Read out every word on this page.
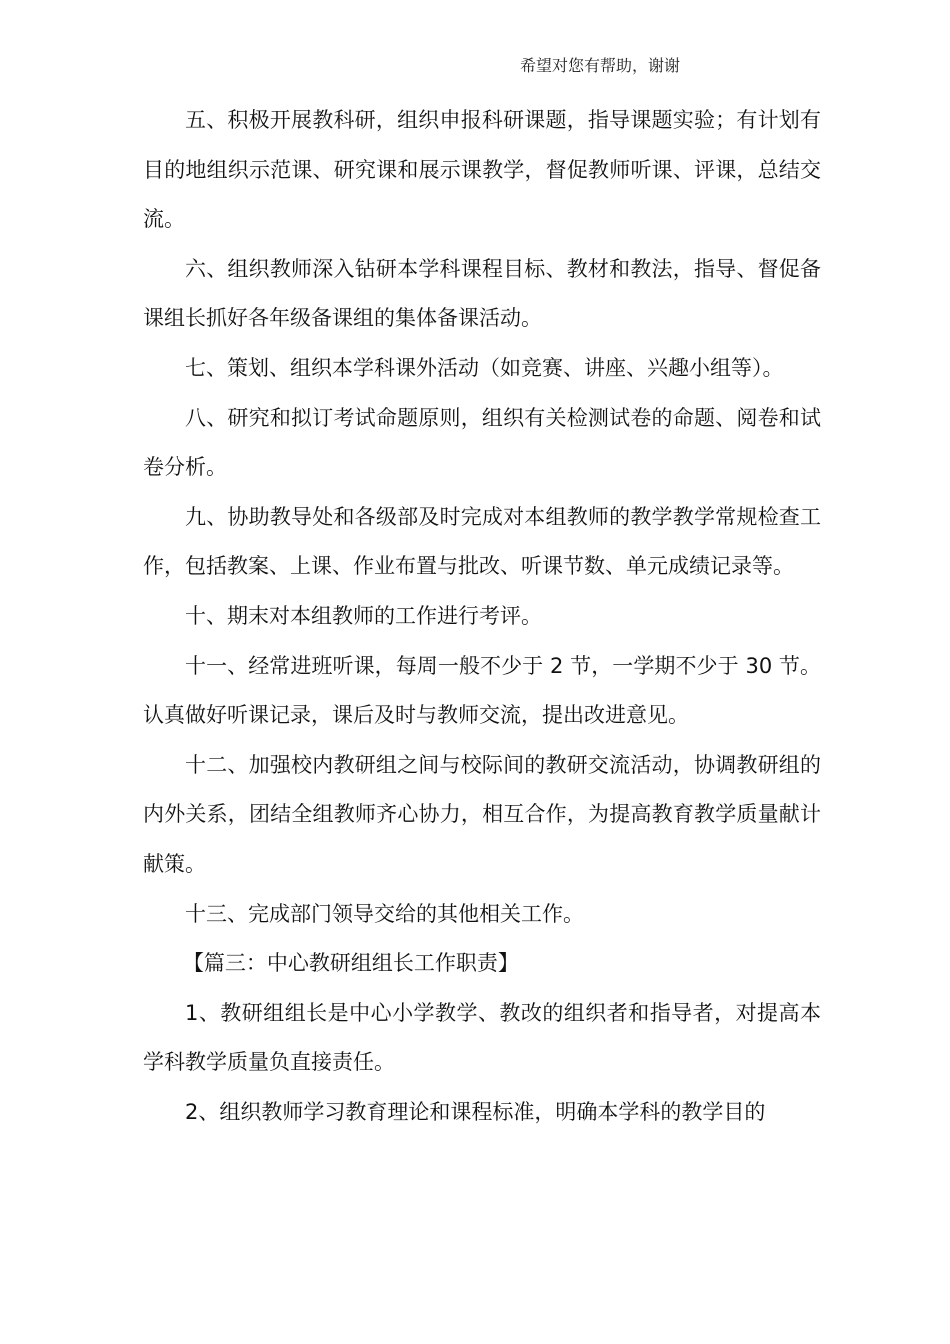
希望对您有帮助，谢谢

五、积极开展教科研，组织申报科研课题，指导课题实验；有计划有目的地组织示范课、研究课和展示课教学，督促教师听课、评课，总结交流。

六、组织教师深入钻研本学科课程目标、教材和教法，指导、督促备课组长抓好各年级备课组的集体备课活动。

七、策划、组织本学科课外活动（如竞赛、讲座、兴趣小组等）。

八、研究和拟订考试命题原则，组织有关检测试卷的命题、阅卷和试卷分析。

九、协助教导处和各级部及时完成对本组教师的教学教学常规检查工作，包括教案、上课、作业布置与批改、听课节数、单元成绩记录等。

十、期末对本组教师的工作进行考评。

十一、经常进班听课，每周一般不少于 2 节，一学期不少于 30 节。认真做好听课记录，课后及时与教师交流，提出改进意见。

十二、加强校内教研组之间与校际间的教研交流活动，协调教研组的内外关系，团结全组教师齐心协力，相互合作，为提高教育教学质量献计献策。

十三、完成部门领导交给的其他相关工作。

【篇三：中心教研组组长工作职责】

1、教研组组长是中心小学教学、教改的组织者和指导者，对提高本学科教学质量负直接责任。

2、组织教师学习教育理论和课程标准，明确本学科的教学目的
